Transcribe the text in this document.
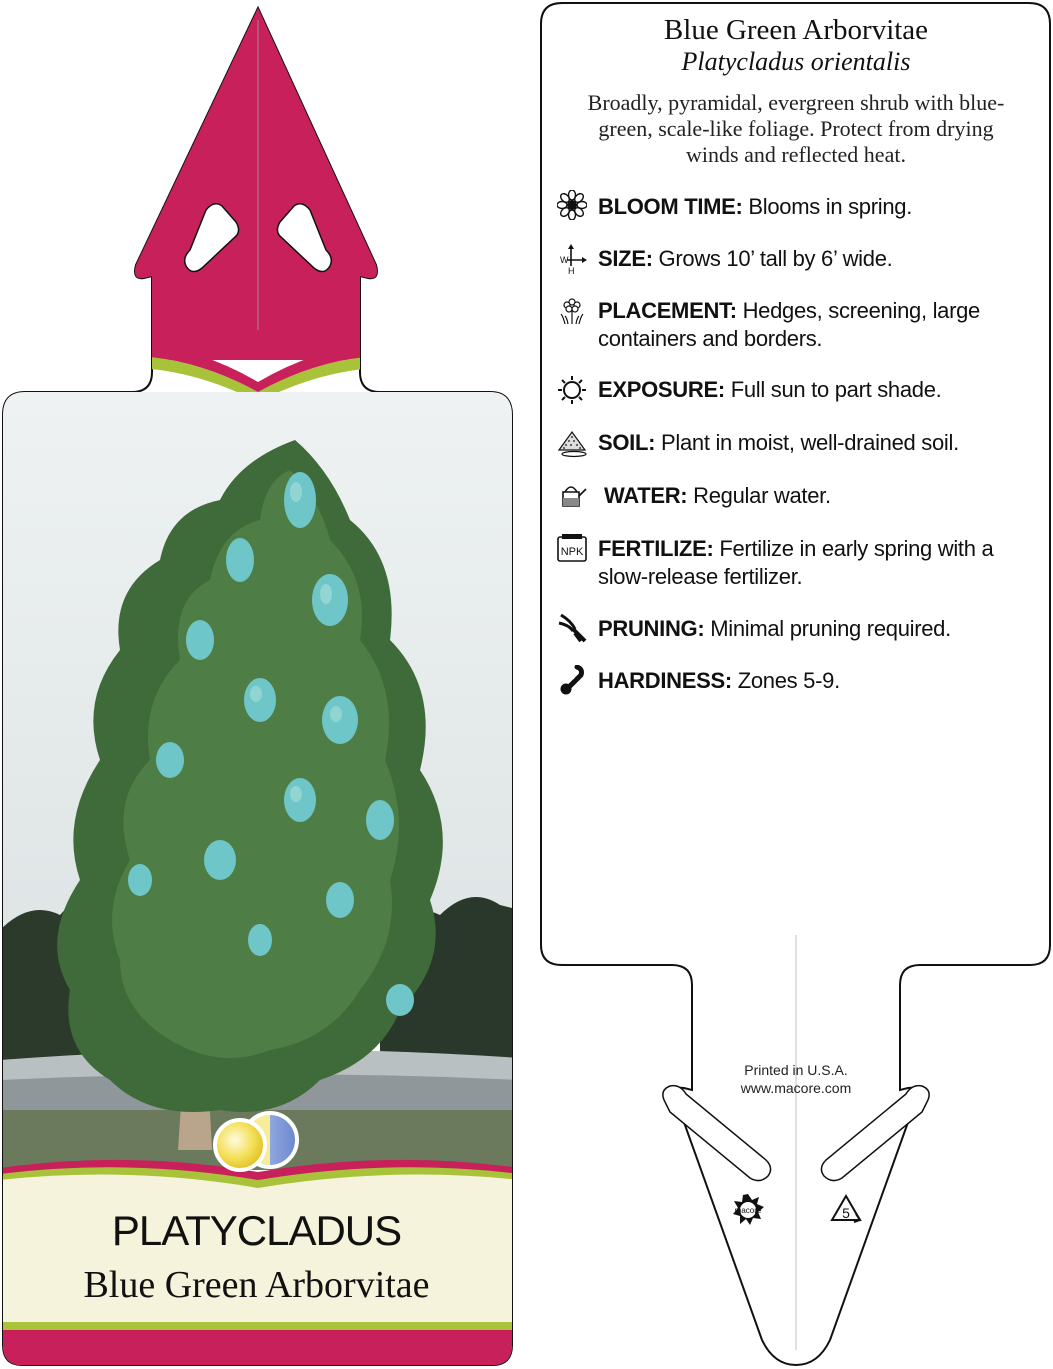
macore	5
Blue Green Arborvitae
Platycladus orientalis
Broadly, pyramidal, evergreen shrub with blue-green, scale-like foliage. Protect from drying winds and reflected heat.
BLOOM TIME: Blooms in spring.
W
H SIZE: Grows 10’ tall by 6’ wide.
PLACEMENT: Hedges, screening, large containers and borders.
EXPOSURE: Full sun to part shade.
SOIL: Plant in moist, well-drained soil.
WATER: Regular water.
NPK FERTILIZE: Fertilize in early spring with a slow-release fertilizer.
PRUNING: Minimal pruning required.
HARDINESS: Zones 5-9.
Printed in U.S.A.
www.macore.com
PLATYCLADUS
Blue Green Arborvitae
